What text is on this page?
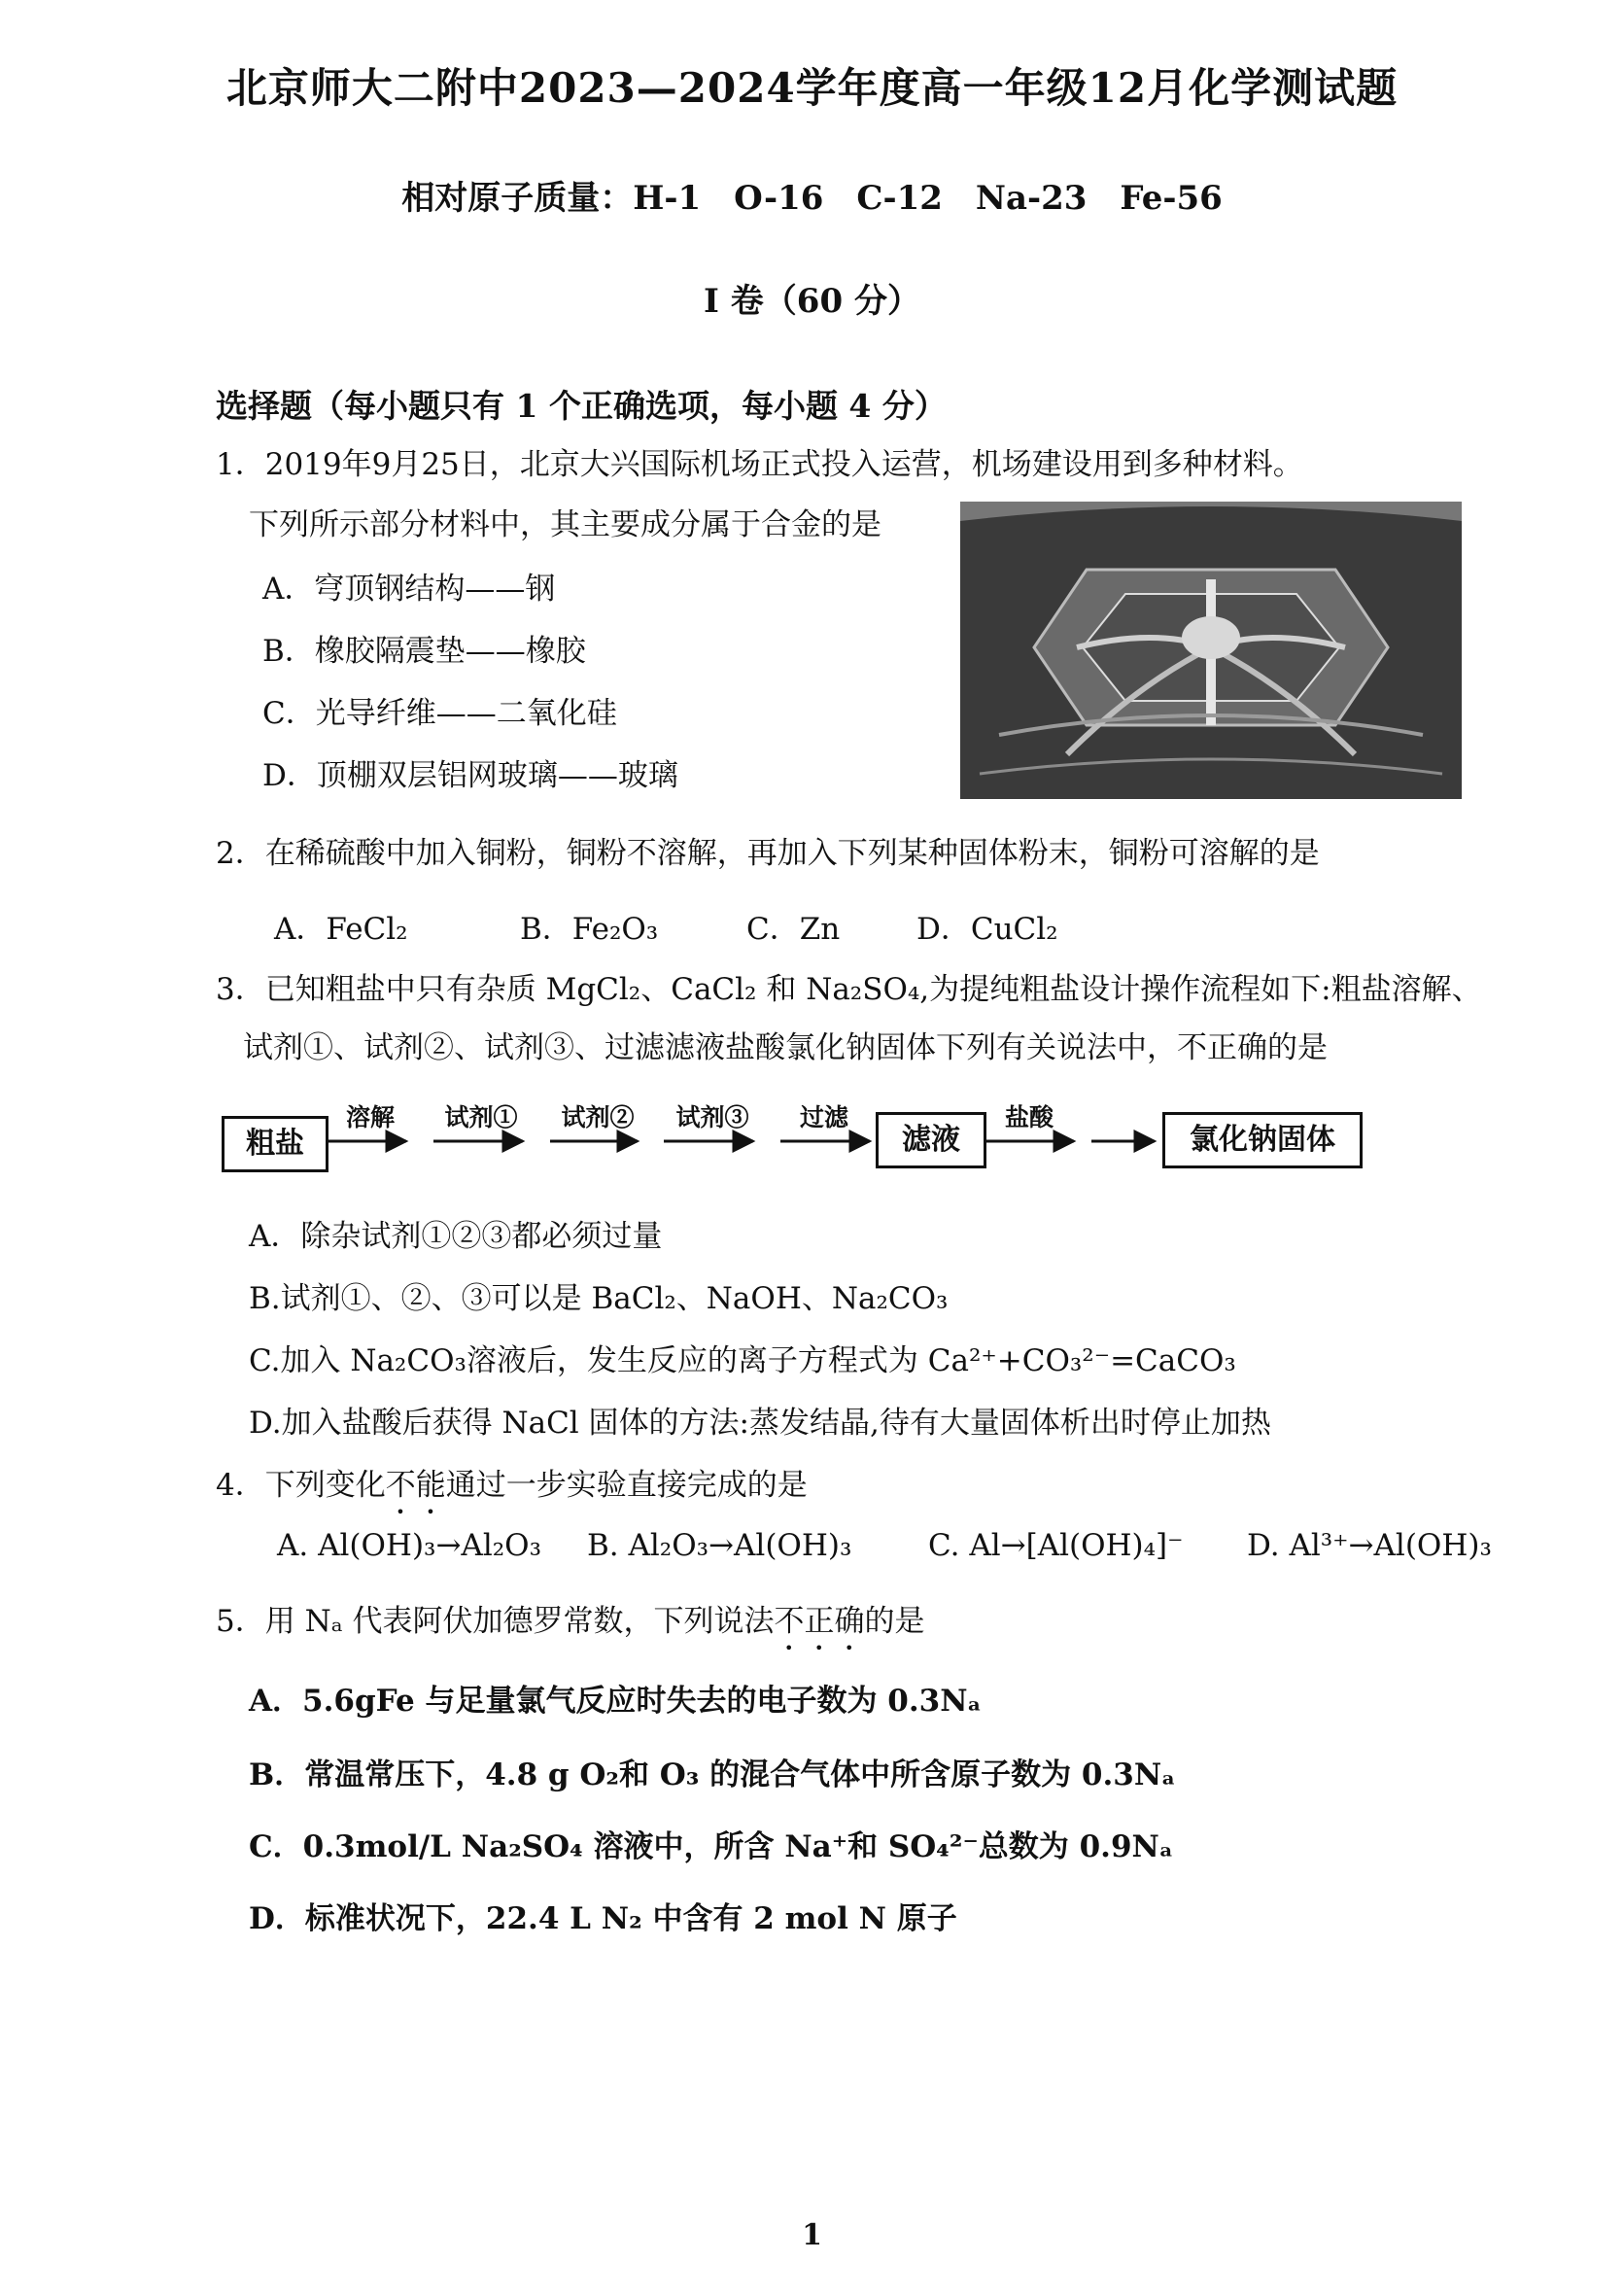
北京师大二附中2023—2024学年度高一年级12月化学测试题
相对原子质量：H-1　O-16　C-12　Na-23　Fe-56
I 卷（60 分）
选择题（每小题只有 1 个正确选项，每小题 4 分）
1．2019年9月25日，北京大兴国际机场正式投入运营，机场建设用到多种材料。
下列所示部分材料中，其主要成分属于合金的是
A．穹顶钢结构——钢
B．橡胶隔震垫——橡胶
C．光导纤维——二氧化硅
D．顶棚双层铝网玻璃——玻璃
2．在稀硫酸中加入铜粉，铜粉不溶解，再加入下列某种固体粉末，铜粉可溶解的是
A．FeCl₂	B．Fe₂O₃	C．Zn	D．CuCl₂
3．已知粗盐中只有杂质 MgCl₂、CaCl₂ 和 Na₂SO₄,为提纯粗盐设计操作流程如下:粗盐溶解、
试剂①、试剂②、试剂③、过滤滤液盐酸氯化钠固体下列有关说法中，不正确的是
粗盐
溶解	试剂①	试剂②	试剂③	过滤
滤液
盐酸
氯化钠固体
A．除杂试剂①②③都必须过量
B.试剂①、②、③可以是 BaCl₂、NaOH、Na₂CO₃
C.加入 Na₂CO₃溶液后，发生反应的离子方程式为 Ca²⁺+CO₃²⁻=CaCO₃
D.加入盐酸后获得 NaCl 固体的方法:蒸发结晶,待有大量固体析出时停止加热
4．下列变化不能通过一步实验直接完成的是
A. Al(OH)₃→Al₂O₃ B. Al₂O₃→Al(OH)₃	C. Al→[Al(OH)₄]⁻ D. Al³⁺→Al(OH)₃
5．用 Nₐ 代表阿伏加德罗常数，下列说法不正确的是
A．5.6gFe 与足量氯气反应时失去的电子数为 0.3Nₐ
B．常温常压下，4.8 g O₂和 O₃ 的混合气体中所含原子数为 0.3Nₐ
C．0.3mol/L Na₂SO₄ 溶液中，所含 Na⁺和 SO₄²⁻总数为 0.9Nₐ
D．标准状况下，22.4 L N₂ 中含有 2 mol N 原子
1
